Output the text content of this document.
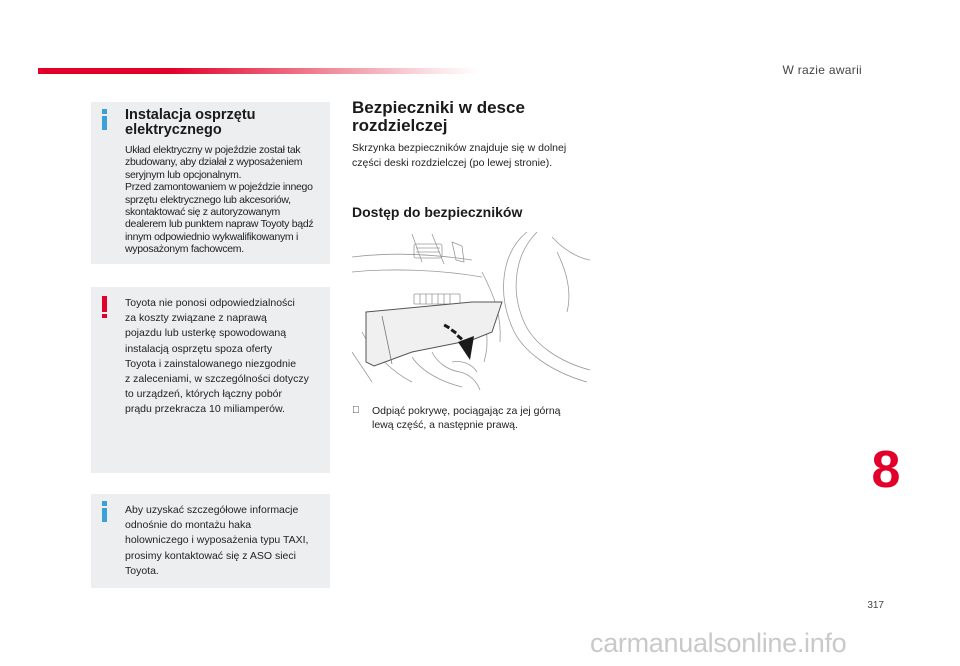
W razie awarii
Instalacja osprzętu
elektrycznego

Układ elektryczny w pojeździe został tak
zbudowany, aby działał z wyposażeniem
seryjnym lub opcjonalnym.
Przed zamontowaniem w pojeździe innego
sprzętu elektrycznego lub akcesoriów,
skontaktować się z autoryzowanym
dealerem lub punktem napraw Toyoty bądź
innym odpowiednio wykwalifikowanym i
wyposażonym fachowcem.

Toyota nie ponosi odpowiedzialności
za koszty związane z naprawą
pojazdu lub usterkę spowodowaną
instalacją osprzętu spoza oferty
Toyota i zainstalowanego niezgodnie
z zaleceniami, w szczególności dotyczy
to urządzeń, których łączny pobór
prądu przekracza 10 miliamperów.

Aby uzyskać szczegółowe informacje
odnośnie do montażu haka
holowniczego i wyposażenia typu TAXI,
prosimy kontaktować się z ASO sieci
Toyota.

Bezpieczniki w desce
rozdzielczej

Skrzynka bezpieczników znajduje się w dolnej
części deski rozdzielczej (po lewej stronie).

Dostęp do bezpieczników
Odpiąć pokrywę, pociągając za jej górną
lewą część, a następnie prawą.
8
317
carmanualsonline.info
